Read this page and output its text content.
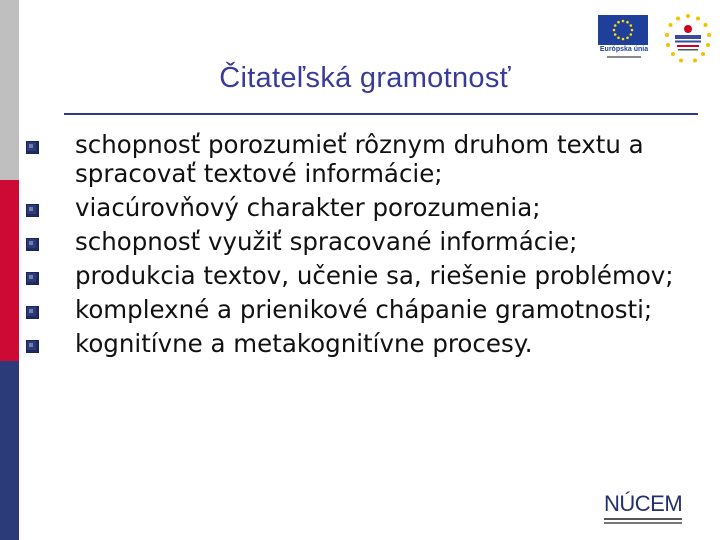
Európska únia
Čitateľská gramotnosť
schopnosť porozumieť rôznym druhom textu a spracovať textové informácie;
viacúrovňový charakter porozumenia;
schopnosť využiť spracované informácie;
produkcia textov, učenie sa, riešenie problémov;
komplexné a prienikové chápanie gramotnosti;
kognitívne a metakognitívne procesy.
NÚCEM
